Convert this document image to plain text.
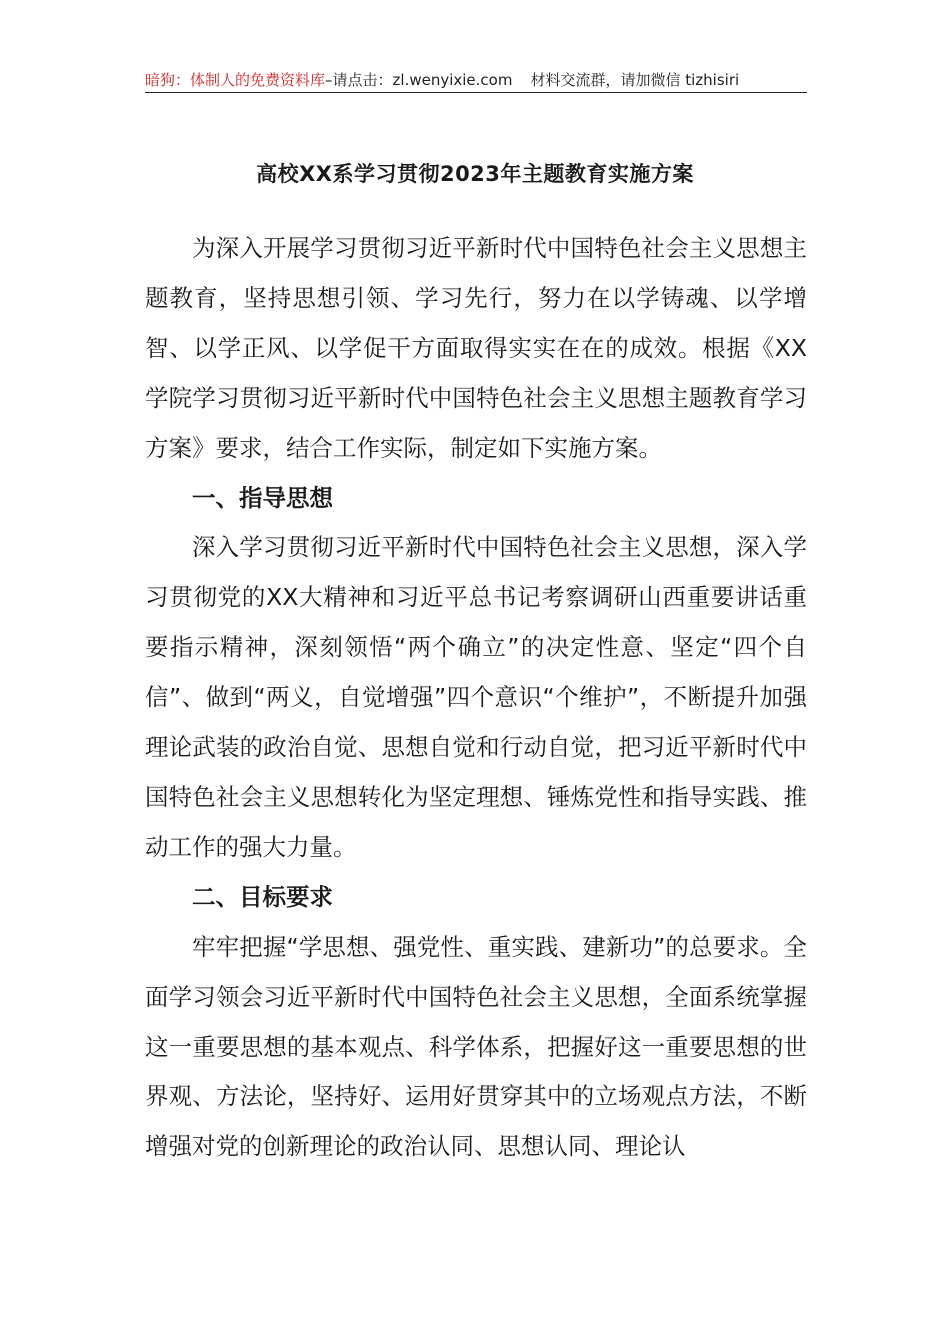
暗狗：体制人的免费资料库–请点击：zl.wenyixie.com 材料交流群，请加微信 tizhisiri
高校XX系学习贯彻2023年主题教育实施方案

为深入开展学习贯彻习近平新时代中国特色社会主义思想主题教育，坚持思想引领、学习先行，努力在以学铸魂、以学增智、以学正风、以学促干方面取得实实在在的成效。根据《XX学院学习贯彻习近平新时代中国特色社会主义思想主题教育学习方案》要求，结合工作实际，制定如下实施方案。

一、指导思想

深入学习贯彻习近平新时代中国特色社会主义思想，深入学习贯彻党的XX大精神和习近平总书记考察调研山西重要讲话重要指示精神，深刻领悟“两个确立”的决定性意、坚定“四个自信”、做到“两义，自觉增强”四个意识“个维护”，不断提升加强理论武装的政治自觉、思想自觉和行动自觉，把习近平新时代中国特色社会主义思想转化为坚定理想、锤炼党性和指导实践、推动工作的强大力量。

二、目标要求

牢牢把握“学思想、强党性、重实践、建新功”的总要求。全面学习领会习近平新时代中国特色社会主义思想，全面系统掌握这一重要思想的基本观点、科学体系，把握好这一重要思想的世界观、方法论，坚持好、运用好贯穿其中的立场观点方法，不断增强对党的创新理论的政治认同、思想认同、理论认
